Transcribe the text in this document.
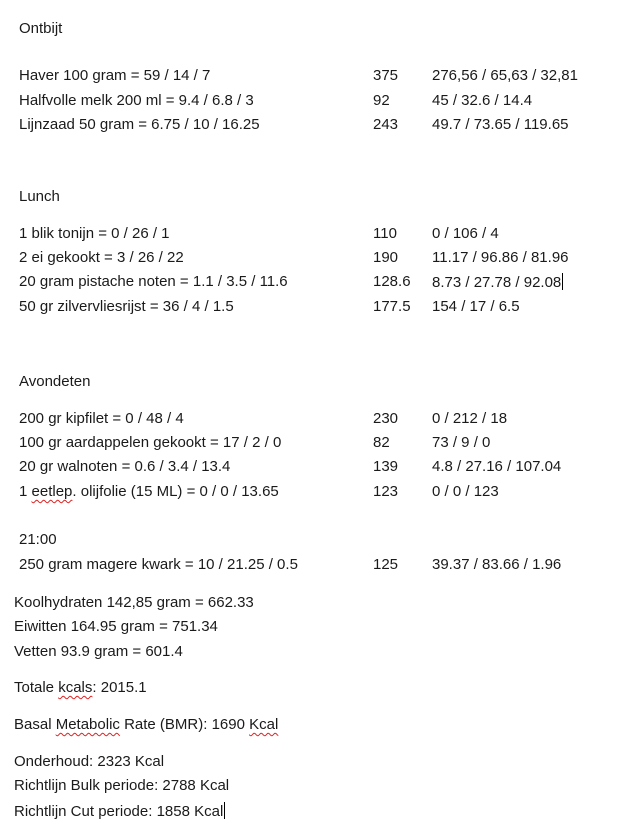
Ontbijt
Haver 100 gram = 59 / 14 / 7	375 276,56 / 65,63 / 32,81
Halfvolle melk 200 ml = 9.4 / 6.8 / 3	92	45 / 32.6 / 14.4
Lijnzaad 50 gram = 6.75 / 10 / 16.25	243 49.7 / 73.65 / 119.65
Lunch
1 blik tonijn = 0 / 26 / 1	110 0 / 106 / 4
2 ei gekookt = 3 / 26 / 22	190 11.17 / 96.86 / 81.96
20 gram pistache noten = 1.1 / 3.5 / 11.6	128.6 8.73 / 27.78 / 92.08
50 gr zilvervliesrijst = 36 / 4 / 1.5	177.5 154 / 17 / 6.5
Avondeten
200 gr kipfilet = 0 / 48 / 4	230 0 / 212 / 18
100 gr aardappelen gekookt = 17 / 2 / 0	82	73 / 9 / 0
20 gr walnoten = 0.6 / 3.4 / 13.4	139 4.8 / 27.16 / 107.04
1 eetlep. olijfolie (15 ML) = 0 / 0 / 13.65	123 0 / 0 / 123
21:00
250 gram magere kwark = 10 / 21.25 / 0.5	125 39.37 / 83.66 / 1.96
Koolhydraten 142,85 gram = 662.33
Eiwitten 164.95 gram = 751.34
Vetten 93.9 gram = 601.4
Totale kcals: 2015.1
Basal Metabolic Rate (BMR): 1690 Kcal
Onderhoud: 2323 Kcal
Richtlijn Bulk periode: 2788 Kcal
Richtlijn Cut periode: 1858 Kcal
